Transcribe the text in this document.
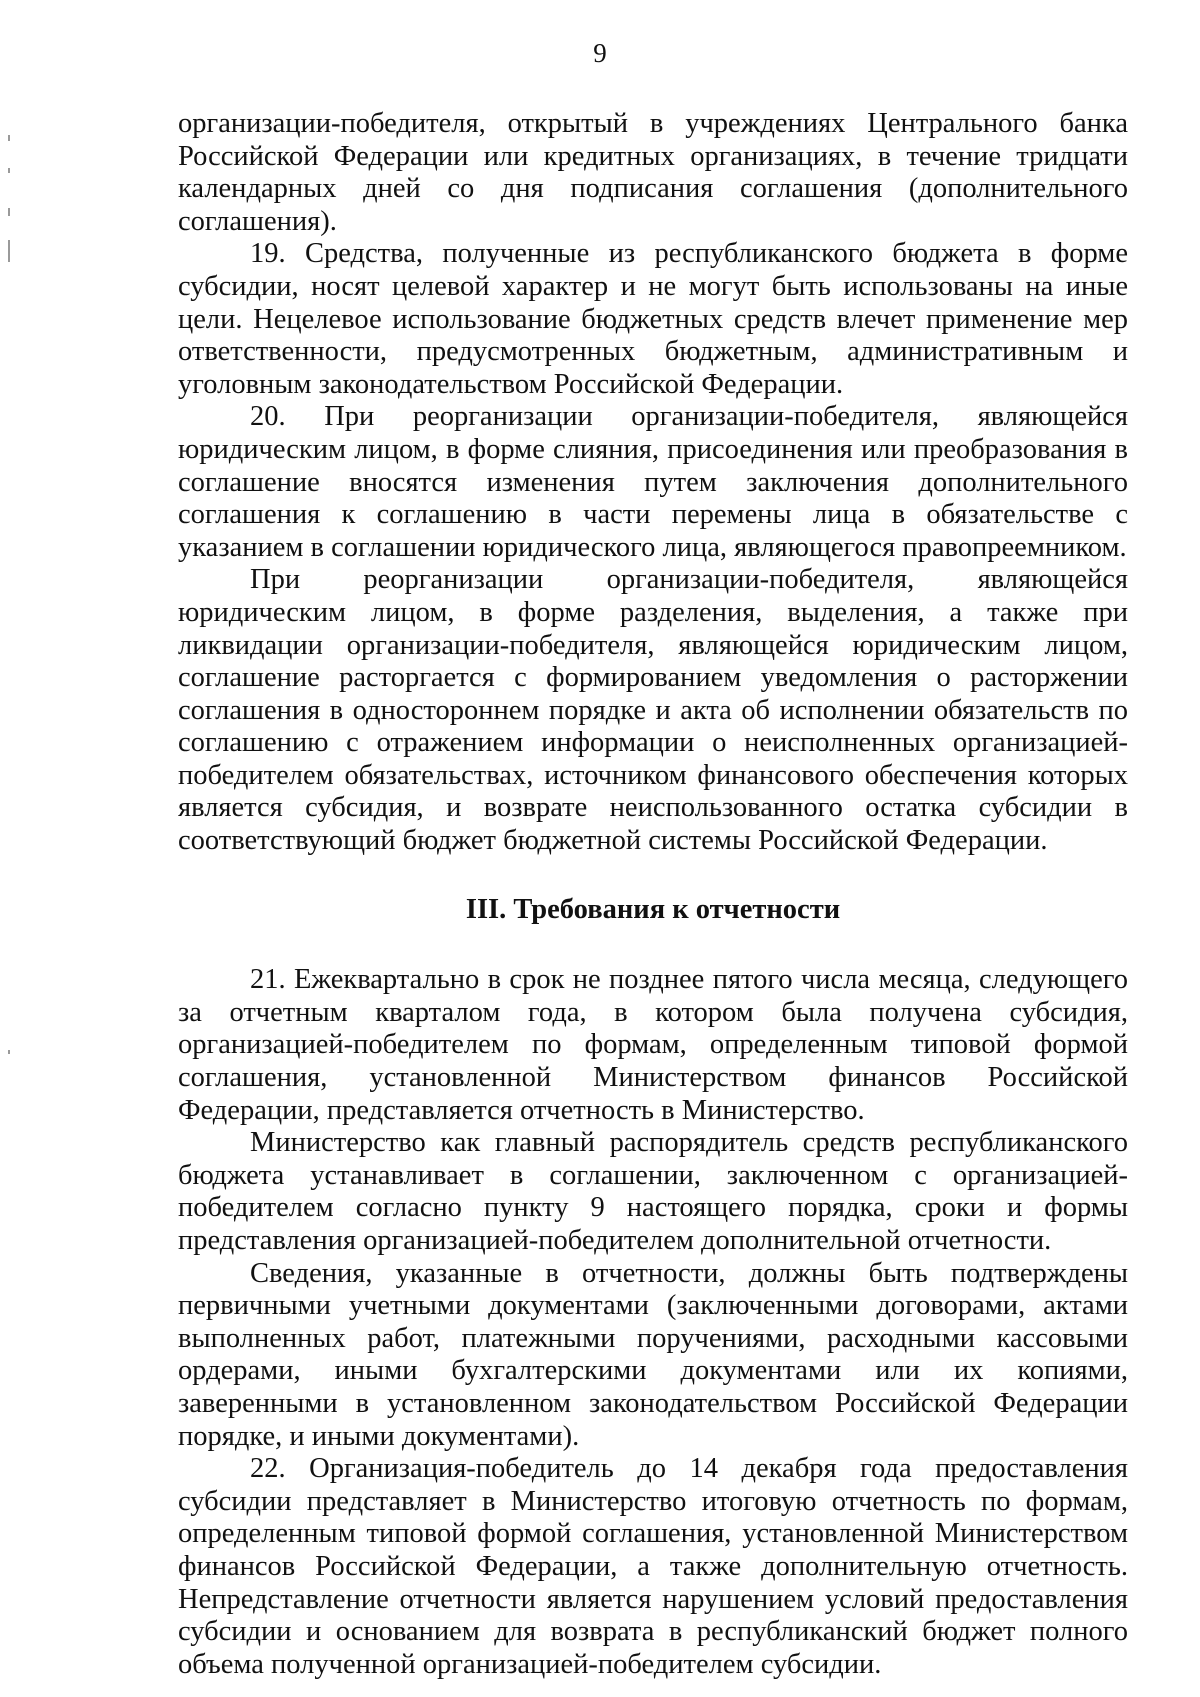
9

организации-победителя, открытый в учреждениях Центрального банка Российской Федерации или кредитных организациях, в течение тридцати календарных дней со дня подписания соглашения (дополнительного соглашения).

19. Средства, полученные из республиканского бюджета в форме субсидии, носят целевой характер и не могут быть использованы на иные цели. Нецелевое использование бюджетных средств влечет применение мер ответственности, предусмотренных бюджетным, административным и уголовным законодательством Российской Федерации.

20. При реорганизации организации-победителя, являющейся юридическим лицом, в форме слияния, присоединения или преобразования в соглашение вносятся изменения путем заключения дополнительного соглашения к соглашению в части перемены лица в обязательстве с указанием в соглашении юридического лица, являющегося правопреемником.

При реорганизации организации-победителя, являющейся юридическим лицом, в форме разделения, выделения, а также при ликвидации организации-победителя, являющейся юридическим лицом, соглашение расторгается с формированием уведомления о расторжении соглашения в одностороннем порядке и акта об исполнении обязательств по соглашению с отражением информации о неисполненных организацией-победителем обязательствах, источником финансового обеспечения которых является субсидия, и возврате неиспользованного остатка субсидии в соответствующий бюджет бюджетной системы Российской Федерации.

III. Требования к отчетности

21. Ежеквартально в срок не позднее пятого числа месяца, следующего за отчетным кварталом года, в котором была получена субсидия, организацией-победителем по формам, определенным типовой формой соглашения, установленной Министерством финансов Российской Федерации, представляется отчетность в Министерство.

Министерство как главный распорядитель средств республиканского бюджета устанавливает в соглашении, заключенном с организацией-победителем согласно пункту 9 настоящего порядка, сроки и формы представления организацией-победителем дополнительной отчетности.

Сведения, указанные в отчетности, должны быть подтверждены первичными учетными документами (заключенными договорами, актами выполненных работ, платежными поручениями, расходными кассовыми ордерами, иными бухгалтерскими документами или их копиями, заверенными в установленном законодательством Российской Федерации порядке, и иными документами).

22. Организация-победитель до 14 декабря года предоставления субсидии представляет в Министерство итоговую отчетность по формам, определенным типовой формой соглашения, установленной Министерством финансов Российской Федерации, а также дополнительную отчетность. Непредставление отчетности является нарушением условий предоставления субсидии и основанием для возврата в республиканский бюджет полного объема полученной организацией-победителем субсидии.
